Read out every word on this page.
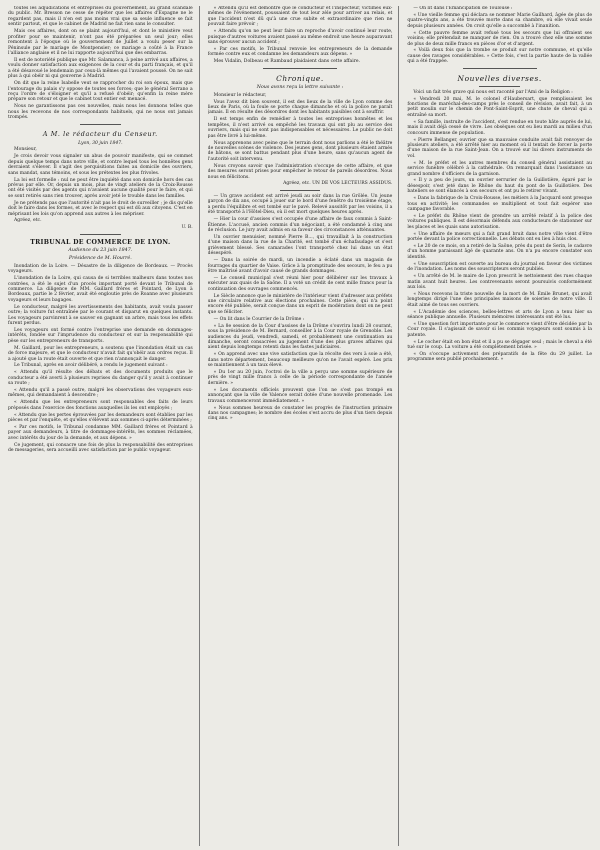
toutes les adjudications et entreprises du gouvernement, au grand scandale du public. Mr. Bresson ne cesse de répéter que les affaires d'Espagne ne le regardent pas, mais il n'en est pas moins vrai que sa seule influence se fait sentir partout, et que le cabinet de Madrid ne fait rien sans le consulter.

Mais ces affaires, dont on se plaint aujourd'hui, et dont le ministère veut profiter pour se maintenir, n'ont pas été préparées un seul jour; elles remontent à l'époque où le gouvernement de Juillet a voulu peser sur la Péninsule par le mariage de Montpensier; ce mariage a coûté à la France l'alliance anglaise et il ne lui rapporte aujourd'hui que des embarras.

Il est de notoriété publique que Mr. Salamanca, à peine arrivé aux affaires, a voulu donner satisfaction aux exigences de la cour et du parti français, et qu'il a été désavoué le lendemain par ceux-là mêmes qui l'avaient poussé. On ne sait plus à qui obéir ni qui gouverne à Madrid.

On dit que la reine Isabelle veut se rapprocher du roi son époux, mais que l'entourage du palais s'y oppose de toutes ses forces; que le général Serrano a reçu l'ordre de s'éloigner et qu'il a refusé d'obéir; qu'enfin la reine mère prépare son retour et que le cabinet tout entier est menacé.

Nous ne garantissons pas ces nouvelles, mais nous les donnons telles que nous les recevons de nos correspondants habituels, qui ne nous ont jamais trompés.

A M. le rédacteur du Censeur.

Lyon, 30 juin 1847.

Monsieur,

Je crois devoir vous signaler un abus de pouvoir manifeste, qui se commet depuis quelque temps dans notre ville, et contre lequel tous les honnêtes gens devraient s'élever. Il s'agit des perquisitions faites au domicile des ouvriers, sans mandat, sans témoins, et sous les prétextes les plus frivoles.

La loi est formelle : nul ne peut être inquiété dans son domicile hors des cas prévus par elle. Or, depuis un mois, plus de vingt ateliers de la Croix-Rousse ont été visités par des agents qui n'avaient aucune qualité pour le faire, et qui se sont retirés sans rien trouver, après avoir jeté le trouble dans les familles.

Je ne prétends pas que l'autorité n'ait pas le droit de surveiller ; je dis qu'elle doit le faire dans les formes, et avec le respect qui est dû aux citoyens. C'est en méprisant les lois qu'on apprend aux autres à les mépriser.

Agréez, etc.

U. B.

TRIBUNAL DE COMMERCE DE LYON.
Audience du 23 juin 1847.
Présidence de M. Hourré.

Inondation de la Loire. — Désastre de la diligence de Bordeaux. — Procès voyageurs.

L'inondation de la Loire, qui causa de si terribles malheurs dans toutes nos contrées, a été le sujet d'un procès important porté devant le Tribunal de commerce. La diligence de MM. Gaillard frères et Pointard, de Lyon à Bordeaux, partie le 2 février, avait été engloutie près de Roanne avec plusieurs voyageurs et leurs bagages.

Le conducteur, malgré les avertissements des habitants, avait voulu passer outre; la voiture fut entraînée par le courant et disparut en quelques instants. Les voyageurs parvinrent à se sauver en gagnant un arbre, mais tous les effets furent perdus.

Les voyageurs ont formé contre l'entreprise une demande en dommages-intérêts, fondée sur l'imprudence du conducteur et sur la responsabilité qui pèse sur les entrepreneurs de transports.

M. Gaillard, pour les entrepreneurs, a soutenu que l'inondation était un cas de force majeure, et que le conducteur n'avait fait qu'obéir aux ordres reçus. Il a ajouté que la route était ouverte et que rien n'annonçait le danger.

Le Tribunal, après en avoir délibéré, a rendu le jugement suivant :

« Attendu qu'il résulte des débats et des documents produits que le conducteur a été averti à plusieurs reprises du danger qu'il y avait à continuer sa route ;

« Attendu qu'il a passé outre, malgré les observations des voyageurs eux-mêmes, qui demandaient à descendre ;

« Attendu que les entrepreneurs sont responsables des faits de leurs préposés dans l'exercice des fonctions auxquelles ils les ont employés ;

« Attendu que les pertes éprouvées par les demandeurs sont établies par les pièces et par l'enquête, et qu'elles s'élèvent aux sommes ci-après déterminées ;

« Par ces motifs, le Tribunal condamne MM. Gaillard frères et Pointard à payer aux demandeurs, à titre de dommages-intérêts, les sommes réclamées, avec intérêts du jour de la demande, et aux dépens. »

Ce jugement, qui consacre une fois de plus la responsabilité des entreprises de messageries, sera accueilli avec satisfaction par le public voyageur.

« Attendu qu'il est démontré que le conducteur et l'inspecteur, victimes eux-mêmes de l'événement, poussaient de tout leur zèle pour arriver au relais, et que l'accident n'est dû qu'à une crue subite et extraordinaire que rien ne pouvait faire prévoir ;

« Attendu qu'on ne peut leur faire un reproche d'avoir continué leur route, puisque d'autres voitures avaient passé au même endroit une heure auparavant sans éprouver aucun accident ;

« Par ces motifs, le Tribunal renvoie les entrepreneurs de la demande formée contre eux et condamne les demandeurs aux dépens. »

Mes Vidalin, Dolbeau et Rambaud plaidaient dans cette affaire.

Chronique.
Nous avons reçu la lettre suivante :

Monsieur le rédacteur,

Vous l'avez dit bien souvent, il est des lieux de la ville de Lyon comme des lieux de Paris, où la foule se porte chaque dimanche et où la police ne paraît jamais. Il en résulte des désordres dont les habitants paisibles ont à souffrir.

Il est temps enfin de remédier à toutes les entreprises honnêtes et les tempêtes, il n'est arrivé ou empêché les travaux qui ont plu au service des ouvriers, mais qui ne sont pas indispensables et nécessaires. Le public ne doit pas être livré à lui-même.

Nous apprenons avec peine que le terrain dont nous parlions a été le théâtre de nouvelles scènes de violence. Des jeunes gens, dont plusieurs étaient armés de bâtons, se sont battus pendant plus d'une heure, sans qu'aucun agent de l'autorité soit intervenu.

Nous croyons savoir que l'administration s'occupe de cette affaire, et que des mesures seront prises pour empêcher le retour de pareils désordres. Nous nous en félicitons.

Agréez, etc. UN DE VOS LECTEURS ASSIDUS.

— Un grave accident est arrivé jeudi au soir dans la rue Grôlée. Un jeune garçon de dix ans, occupé à jouer sur le bord d'une fenêtre du troisième étage, a perdu l'équilibre et est tombé sur le pavé. Relevé aussitôt par les voisins, il a été transporté à l'Hôtel-Dieu, où il est mort quelques heures après.

— Hier la cour d'assises s'est occupée d'une affaire de faux commis à Saint-Étienne. L'accusé, ancien commis d'un négociant, a été condamné à cinq ans de réclusion. Le jury avait admis en sa faveur des circonstances atténuantes.

Un ouvrier menuisier, nommé Pierre B..., qui travaillait à la construction d'une maison dans la rue de la Charité, est tombé d'un échafaudage et s'est grièvement blessé. Ses camarades l'ont transporté chez lui dans un état désespéré.

— Dans la soirée de mardi, un incendie a éclaté dans un magasin de fourrages du quartier de Vaise. Grâce à la promptitude des secours, le feu a pu être maîtrisé avant d'avoir causé de grands dommages.

— Le conseil municipal s'est réuni hier pour délibérer sur les travaux à exécuter aux quais de la Saône. Il a voté un crédit de cent mille francs pour la continuation des ouvrages commencés.

Le Siècle annonce que le ministère de l'intérieur vient d'adresser aux préfets une circulaire relative aux élections prochaines. Cette pièce, qui n'a point encore été publiée, serait conçue dans un esprit de modération dont on ne peut que se féliciter.

— On lit dans le Courrier de la Drôme :

« La 8e session de la Cour d'assises de la Drôme s'ouvrira lundi 28 courant, sous la présidence de M. Bernard, conseiller à la Cour royale de Grenoble. Les audiences du jeudi, vendredi, samedi, et probablement une continuation au dimanche, seront consacrées au jugement d'une des plus graves affaires qui aient depuis longtemps retenti dans les fastes judiciaires.

« On apprend avec une vive satisfaction que la récolte des vers à soie a été, dans notre département, beaucoup meilleure qu'on ne l'avait espéré. Les prix se maintiennent à un taux élevé.

« Du 1er au 20 juin, l'octroi de la ville a perçu une somme supérieure de près de vingt mille francs à celle de la période correspondante de l'année dernière. »

« Les documents officiels prouvent que l'on ne s'est pas trompé en annonçant que la ville de Valence serait dotée d'une nouvelle promenade. Les travaux commenceront immédiatement. »

« Nous sommes heureux de constater les progrès de l'instruction primaire dans nos campagnes; le nombre des écoles s'est accru de plus d'un tiers depuis cinq ans. »

— On lit dans l'Émancipation de Toulouse :

« Une vieille femme qui déclara se nommer Marie Gailhard, âgée de plus de quatre-vingts ans, a été trouvée morte dans sa chambre, où elle vivait seule depuis plusieurs années. On croit qu'elle a succombé à l'inanition.

« Cette pauvre femme avait refusé tous les secours que lui offraient ses voisins; elle prétendait ne manquer de rien. On a trouvé chez elle une somme de plus de deux mille francs en pièces d'or et d'argent.

« Voilà deux fois que la trombe se produit sur notre commune, et qu'elle cause des ravages considérables. » Cette fois, c'est la partie haute de la vallée qui a été frappée.

Nouvelles diverses.

Voici un fait très grave qui nous est raconté par l'Ami de la Religion :

« Vendredi 20 mai, M. le colonel d'Haubersart, que remplissaient les fonctions de maréchal-des-camps près le conseil de révision, avait fait, à un petit moulin sur le chemin de Pont-Saint-Esprit, une chute de cheval qui a entraîné sa mort.

« Sa famille, instruite de l'accident, s'est rendue en toute hâte auprès de lui, mais il avait déjà cessé de vivre. Les obsèques ont eu lieu mardi au milieu d'un concours immense de population.

« Pierre Bellanger, ouvrier que sa mauvaise conduite avait fait renvoyer de plusieurs ateliers, a été arrêté hier au moment où il tentait de forcer la porte d'une maison de la rue Saint-Jean. On a trouvé sur lui divers instruments de vol.

« M. le préfet et les autres membres du conseil général assistaient au service funèbre célébré à la cathédrale. On remarquait dans l'assistance un grand nombre d'officiers de la garnison.

« Il y a peu de jours, un ouvrier serrurier de la Guillotière, égaré par le désespoir, s'est jeté dans le Rhône du haut du pont de la Guillotière. Des bateliers se sont élancés à son secours et ont pu le retirer vivant.

« Dans la fabrique de la Croix-Rousse, les métiers à la Jacquard sont presque tous en activité; les commandes se multiplient et tout fait espérer une campagne favorable.

« Le préfet du Rhône vient de prendre un arrêté relatif à la police des voitures publiques. Il est désormais défendu aux conducteurs de stationner sur les places et les quais sans autorisation.

« Une affaire de mœurs qui a fait grand bruit dans notre ville vient d'être portée devant la police correctionnelle. Les débats ont eu lieu à huis clos.

« Le 20 de ce mois, on a retiré de la Saône, près du pont de Serin, le cadavre d'un homme paraissant âgé de quarante ans. On n'a pu encore constater son identité.

« Une souscription est ouverte au bureau du journal en faveur des victimes de l'inondation. Les noms des souscripteurs seront publiés.

« Un arrêté de M. le maire de Lyon prescrit le nettoiement des rues chaque matin avant huit heures. Les contrevenants seront poursuivis conformément aux lois.

« Nous recevons la triste nouvelle de la mort de M. Émile Brunet, qui avait longtemps dirigé l'une des principales maisons de soieries de notre ville. Il était aimé de tous ses ouvriers.

« L'Académie des sciences, belles-lettres et arts de Lyon a tenu hier sa séance publique annuelle. Plusieurs mémoires intéressants ont été lus.

« Une question fort importante pour le commerce vient d'être décidée par la Cour royale. Il s'agissait de savoir si les commis voyageurs sont soumis à la patente.

« Le cocher était en bon état et il a pu se dégager seul ; mais le cheval a été tué sur le coup. La voiture a été complètement brisée. »

« On s'occupe activement des préparatifs de la fête du 29 juillet. Le programme sera publié prochainement. »
